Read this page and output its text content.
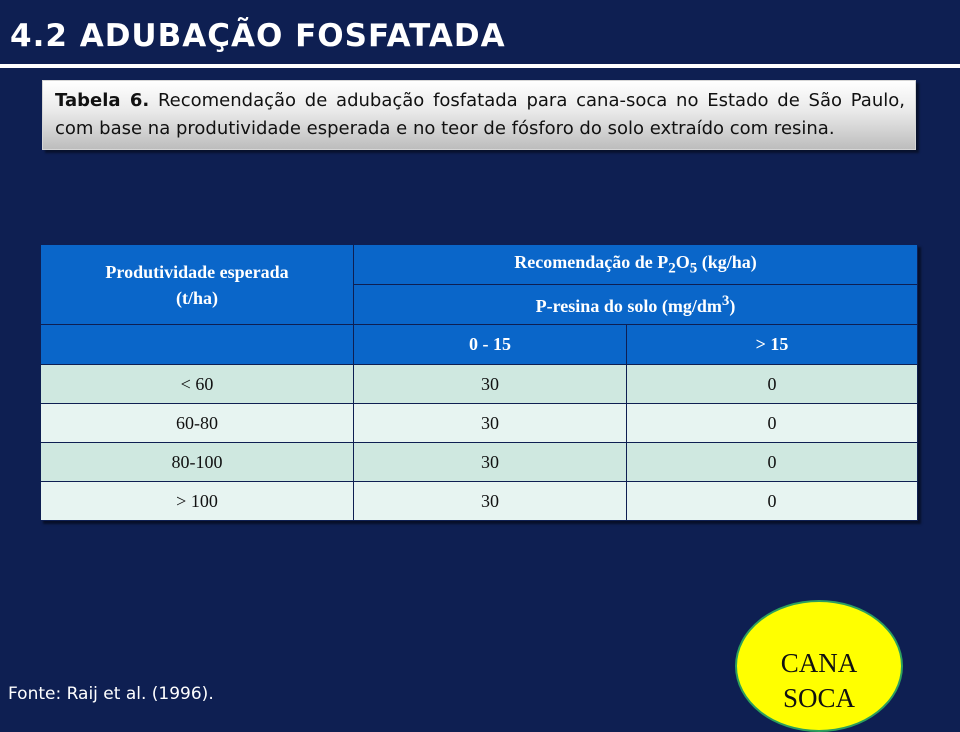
4.2 ADUBAÇÃO FOSFATADA
Tabela 6. Recomendação de adubação fosfatada para cana-soca no Estado de São Paulo, com base na produtividade esperada e no teor de fósforo do solo extraído com resina.
Produtividade esperada
(t/ha)	Recomendação de $P_2O_5$ (kg/ha)	
	P-resina do solo $(mg/dm^3)$	
	0 - 15	> 15
< 60	30	0
60-80	30	0
80-100	30	0
> 100	30	0
Fonte: Raij et al. (1996).
CANA
SOCA
